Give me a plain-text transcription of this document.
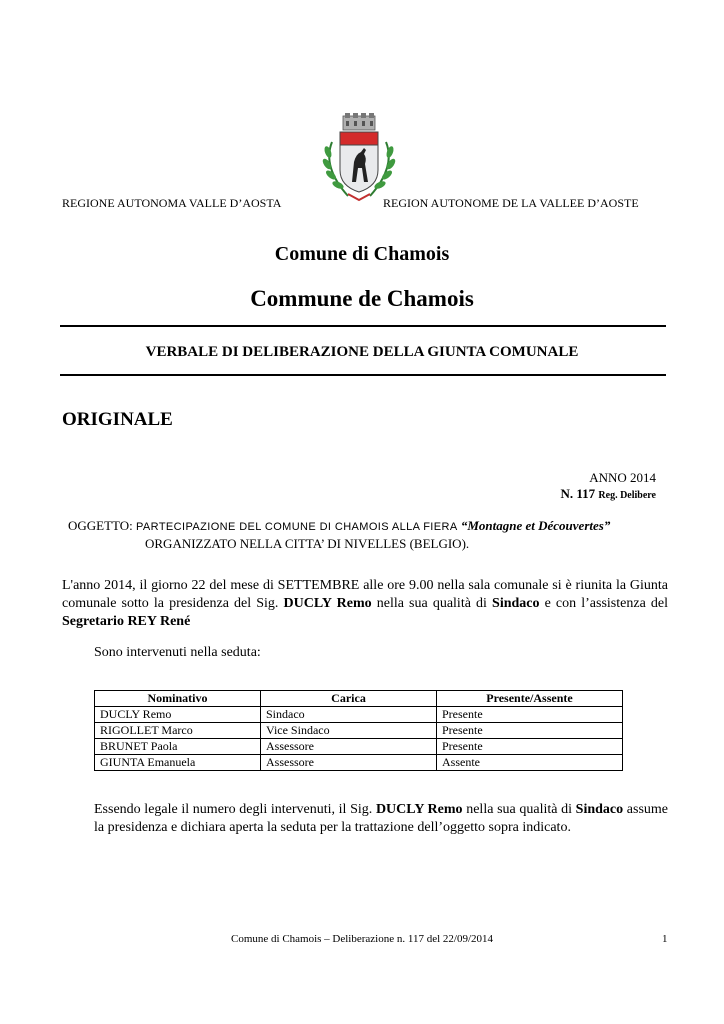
REGIONE AUTONOMA VALLE D’AOSTA	REGION AUTONOME DE LA VALLEE D’AOSTE
Comune di Chamois
Commune de Chamois
VERBALE DI DELIBERAZIONE DELLA GIUNTA COMUNALE
ORIGINALE
ANNO 2014
N. 117 Reg. Delibere
OGGETTO: PARTECIPAZIONE DEL COMUNE DI CHAMOIS ALLA FIERA “Montagne et Découvertes”
ORGANIZZATO NELLA CITTA’ DI NIVELLES (BELGIO).
L'anno 2014, il giorno 22 del mese di SETTEMBRE alle ore 9.00 nella sala comunale si è riunita la Giunta comunale sotto la presidenza del Sig. DUCLY Remo nella sua qualità di Sindaco e con l’assistenza del Segretario REY René
Sono intervenuti nella seduta:
Nominativo	Carica	Presente/Assente
DUCLY Remo	Sindaco	Presente
RIGOLLET Marco	Vice Sindaco	Presente
BRUNET Paola	Assessore	Presente
GIUNTA Emanuela	Assessore	Assente
Essendo legale il numero degli intervenuti, il Sig. DUCLY Remo nella sua qualità di Sindaco assume la presidenza e dichiara aperta la seduta per la trattazione dell’oggetto sopra indicato.
Comune di Chamois – Deliberazione n. 117 del 22/09/2014	1
